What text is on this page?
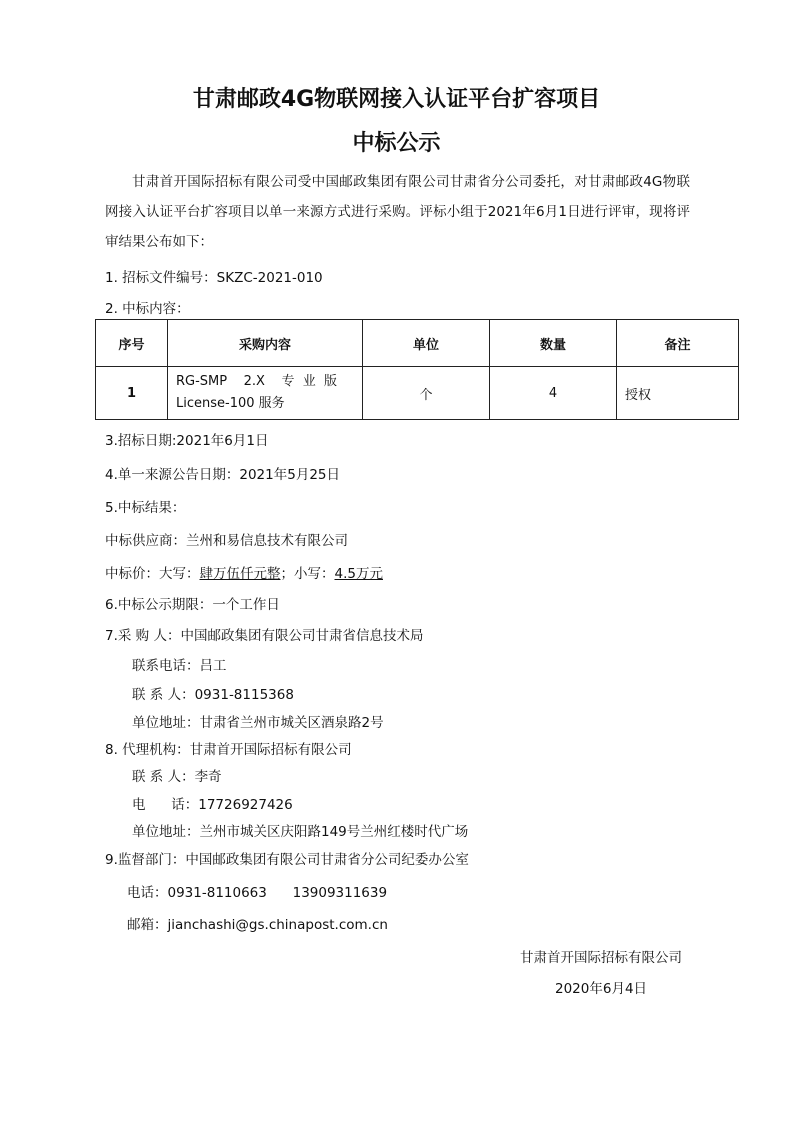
甘肃邮政4G物联网接入认证平台扩容项目
中标公示
甘肃首开国际招标有限公司受中国邮政集团有限公司甘肃省分公司委托，对甘肃邮政4G物联网接入认证平台扩容项目以单一来源方式进行采购。评标小组于2021年6月1日进行评审，现将评审结果公布如下：
1. 招标文件编号：SKZC-2021-010
2. 中标内容：
序号	采购内容	单位	数量	备注
1	RG-SMP    2.X    专  业  版
License-100 服务	个	4	授权
3.招标日期:2021年6月1日
4.单一来源公告日期：2021年5月25日
5.中标结果：
中标供应商：兰州和易信息技术有限公司
中标价：大写：肆万伍仟元整；小写：4.5万元
6.中标公示期限：一个工作日
7.采 购 人：中国邮政集团有限公司甘肃省信息技术局
联系电话：吕工
联 系 人：0931-8115368
单位地址：甘肃省兰州市城关区酒泉路2号
8. 代理机构：甘肃首开国际招标有限公司
联 系 人：李奇
电      话：17726927426
单位地址：兰州市城关区庆阳路149号兰州红楼时代广场
9.监督部门：中国邮政集团有限公司甘肃省分公司纪委办公室
电话：0931-8110663      13909311639
邮箱：jianchashi@gs.chinapost.com.cn
甘肃首开国际招标有限公司
2020年6月4日
